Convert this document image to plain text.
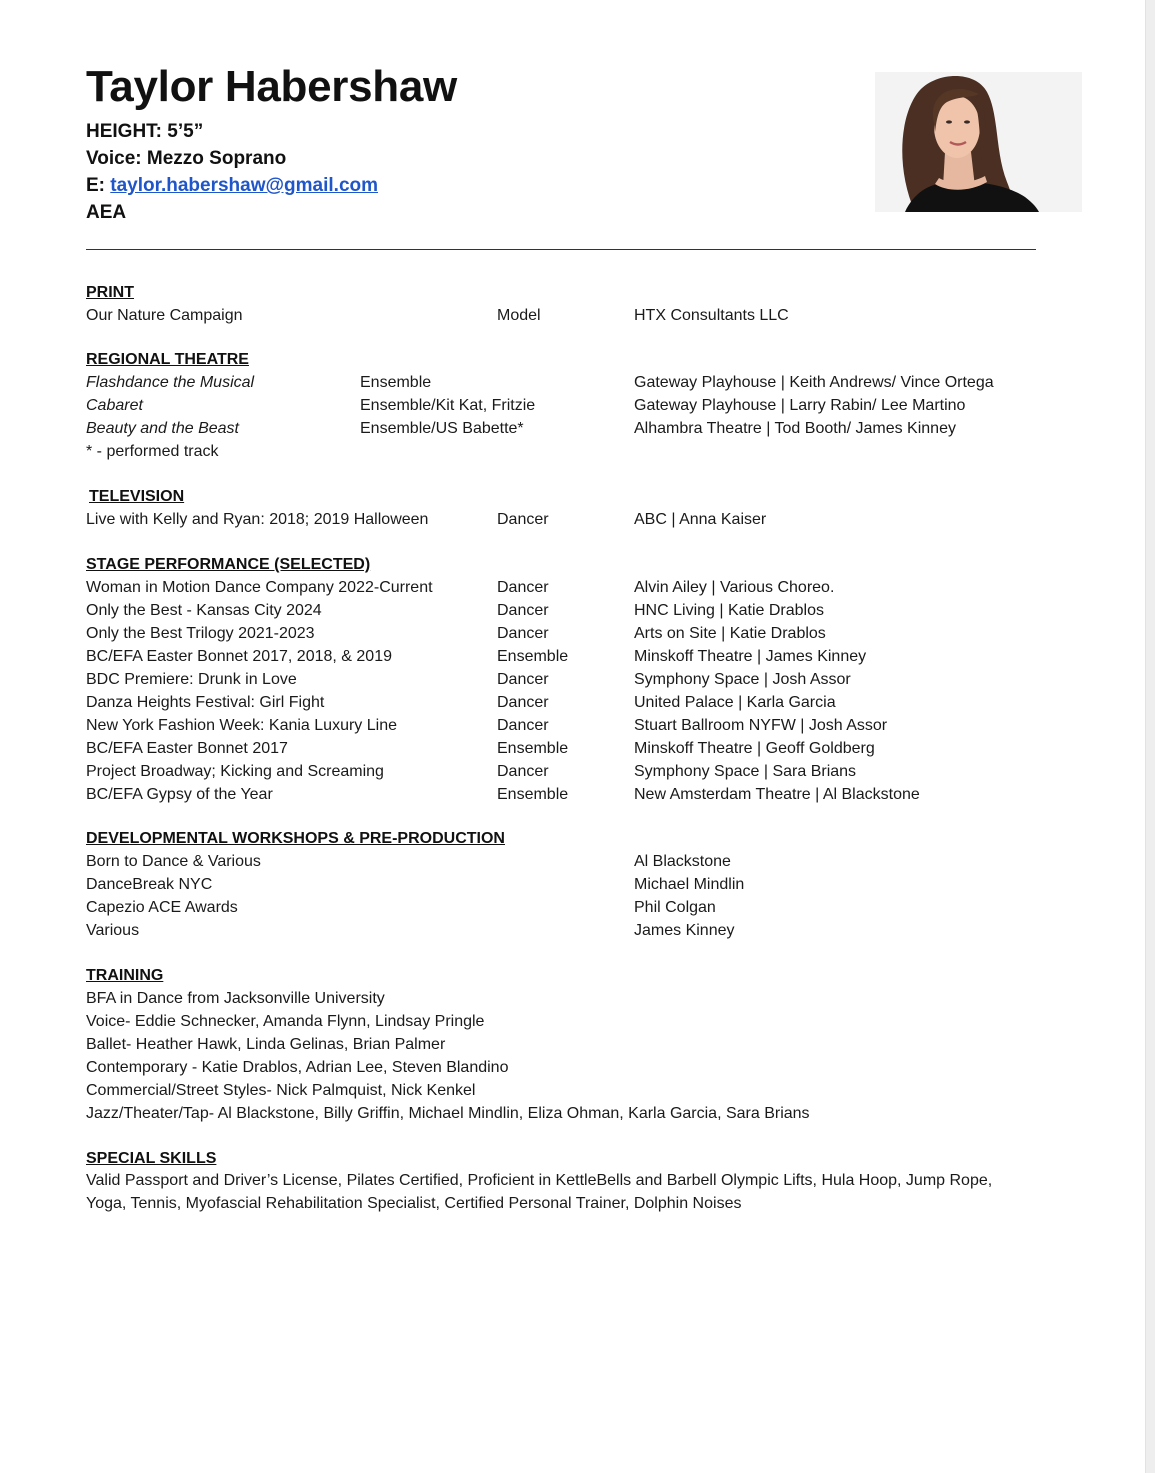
Taylor Habershaw
HEIGHT: 5’5”
Voice: Mezzo Soprano
E: taylor.habershaw@gmail.com
AEA
PRINT
Our Nature Campaign	Model	HTX Consultants LLC
REGIONAL THEATRE
Flashdance the Musical	Ensemble	Gateway Playhouse | Keith Andrews/ Vince Ortega
Cabaret	Ensemble/Kit Kat, Fritzie	Gateway Playhouse | Larry Rabin/ Lee Martino
Beauty and the Beast	Ensemble/US Babette*	Alhambra Theatre | Tod Booth/ James Kinney
* - performed track
TELEVISION
Live with Kelly and Ryan: 2018; 2019 Halloween	Dancer	ABC | Anna Kaiser
STAGE PERFORMANCE (SELECTED)
Woman in Motion Dance Company 2022-Current	Dancer	Alvin Ailey | Various Choreo.
Only the Best - Kansas City 2024	Dancer	HNC Living | Katie Drablos
Only the Best Trilogy 2021-2023	Dancer	Arts on Site | Katie Drablos
BC/EFA Easter Bonnet 2017, 2018, & 2019	Ensemble	Minskoff Theatre | James Kinney
BDC Premiere: Drunk in Love	Dancer	Symphony Space | Josh Assor
Danza Heights Festival: Girl Fight	Dancer	United Palace | Karla Garcia
New York Fashion Week: Kania Luxury Line	Dancer	Stuart Ballroom NYFW | Josh Assor
BC/EFA Easter Bonnet 2017	Ensemble	Minskoff Theatre | Geoff Goldberg
Project Broadway; Kicking and Screaming	Dancer	Symphony Space | Sara Brians
BC/EFA Gypsy of the Year	Ensemble	New Amsterdam Theatre | Al Blackstone
DEVELOPMENTAL WORKSHOPS & PRE-PRODUCTION
Born to Dance & Various	Al Blackstone
DanceBreak NYC	Michael Mindlin
Capezio ACE Awards	Phil Colgan
Various	James Kinney
TRAINING
BFA in Dance from Jacksonville University
Voice- Eddie Schnecker, Amanda Flynn, Lindsay Pringle
Ballet- Heather Hawk, Linda Gelinas, Brian Palmer
Contemporary - Katie Drablos, Adrian Lee, Steven Blandino
Commercial/Street Styles- Nick Palmquist, Nick Kenkel
Jazz/Theater/Tap- Al Blackstone, Billy Griffin, Michael Mindlin, Eliza Ohman, Karla Garcia, Sara Brians
SPECIAL SKILLS
Valid Passport and Driver’s License, Pilates Certified, Proficient in KettleBells and Barbell Olympic Lifts, Hula Hoop, Jump Rope, Yoga, Tennis, Myofascial Rehabilitation Specialist, Certified Personal Trainer, Dolphin Noises
